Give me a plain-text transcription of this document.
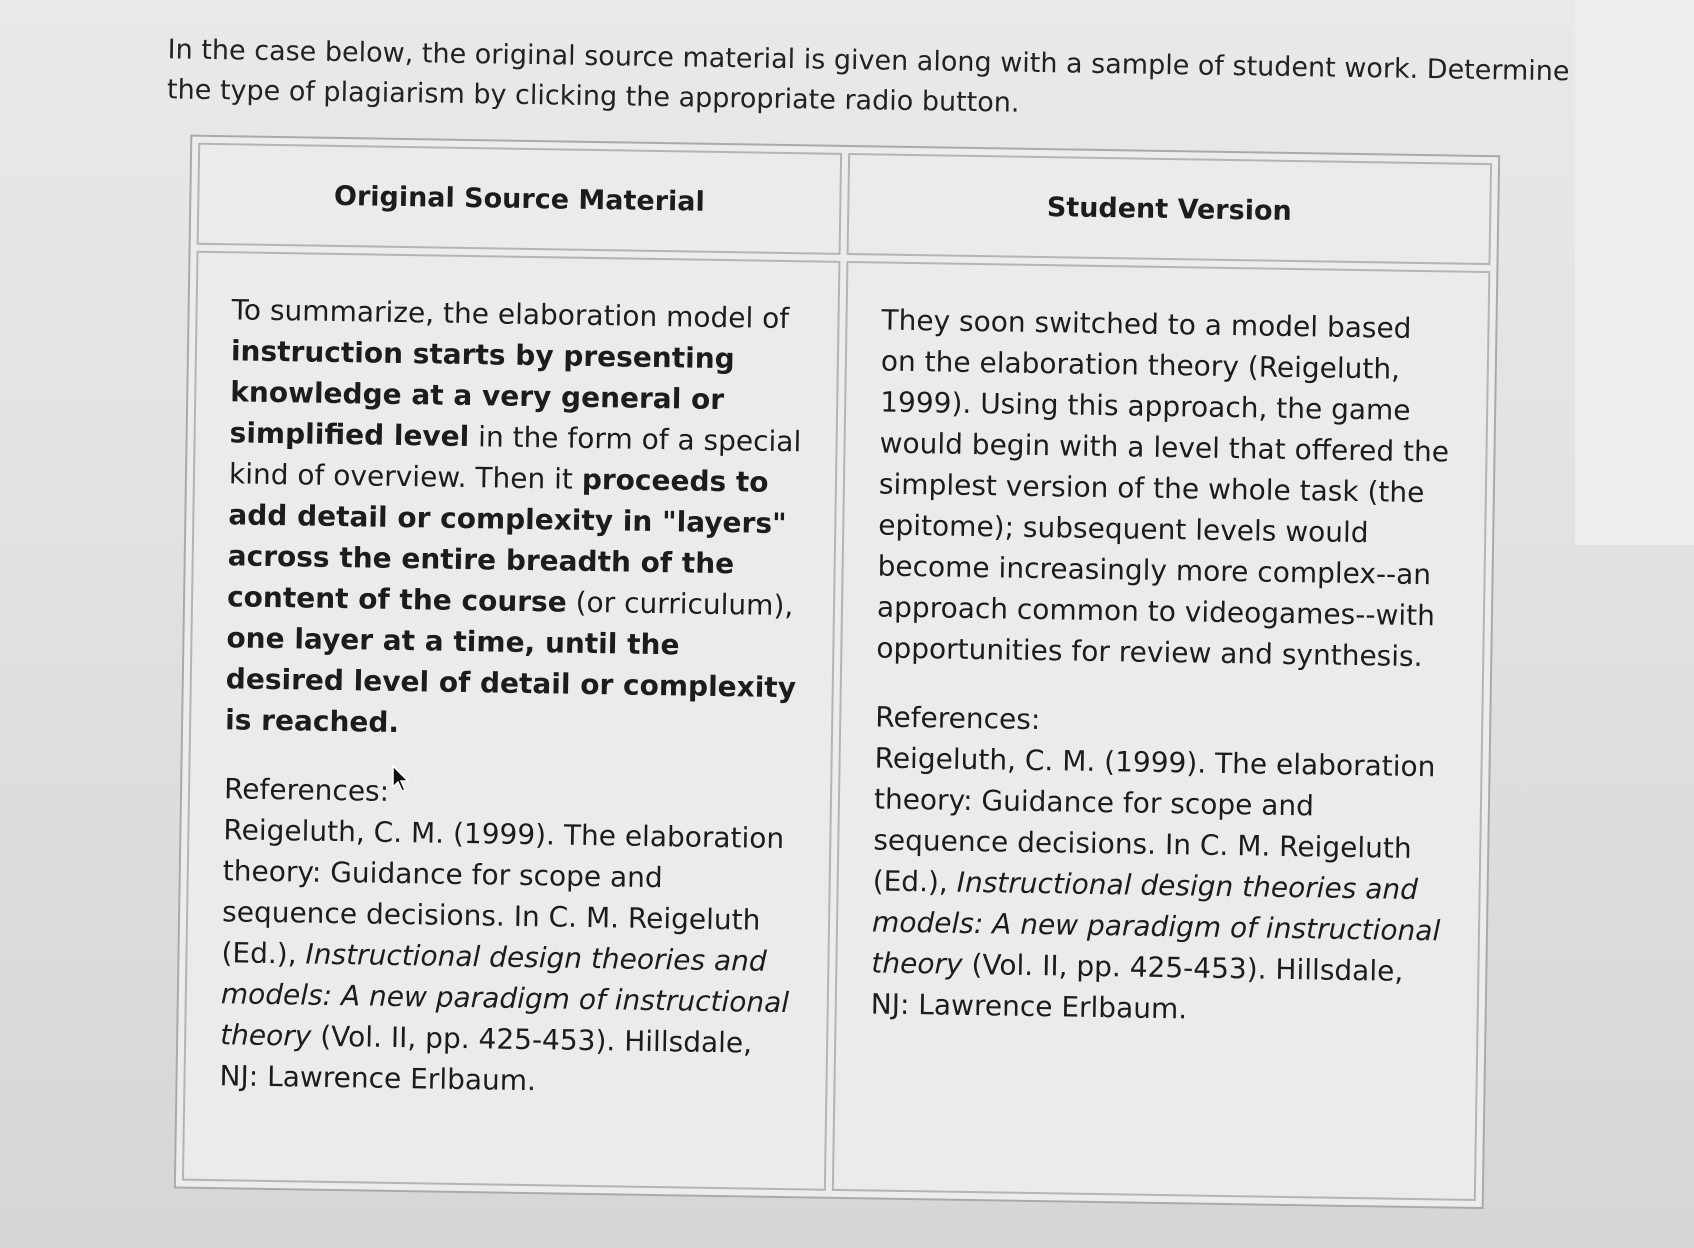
In the case below, the original source material is given along with a sample of student work. Determine the type of plagiarism by clicking the appropriate radio button.

Original Source Material	Student Version

To summarize, the elaboration model of instruction starts by presenting knowledge at a very general or simplified level in the form of a special kind of overview. Then it proceeds to add detail or complexity in "layers" across the entire breadth of the content of the course (or curriculum), one layer at a time, until the desired level of detail or complexity is reached.

References:

Reigeluth, C. M. (1999). The elaboration theory: Guidance for scope and sequence decisions. In C. M. Reigeluth (Ed.), Instructional design theories and models: A new paradigm of instructional theory (Vol. II, pp. 425-453). Hillsdale, NJ: Lawrence Erlbaum.

They soon switched to a model based on the elaboration theory (Reigeluth, 1999). Using this approach, the game would begin with a level that offered the simplest version of the whole task (the epitome); subsequent levels would become increasingly more complex--an approach common to videogames--with opportunities for review and synthesis.

References:

Reigeluth, C. M. (1999). The elaboration theory: Guidance for scope and sequence decisions. In C. M. Reigeluth (Ed.), Instructional design theories and models: A new paradigm of instructional theory (Vol. II, pp. 425-453). Hillsdale, NJ: Lawrence Erlbaum.
